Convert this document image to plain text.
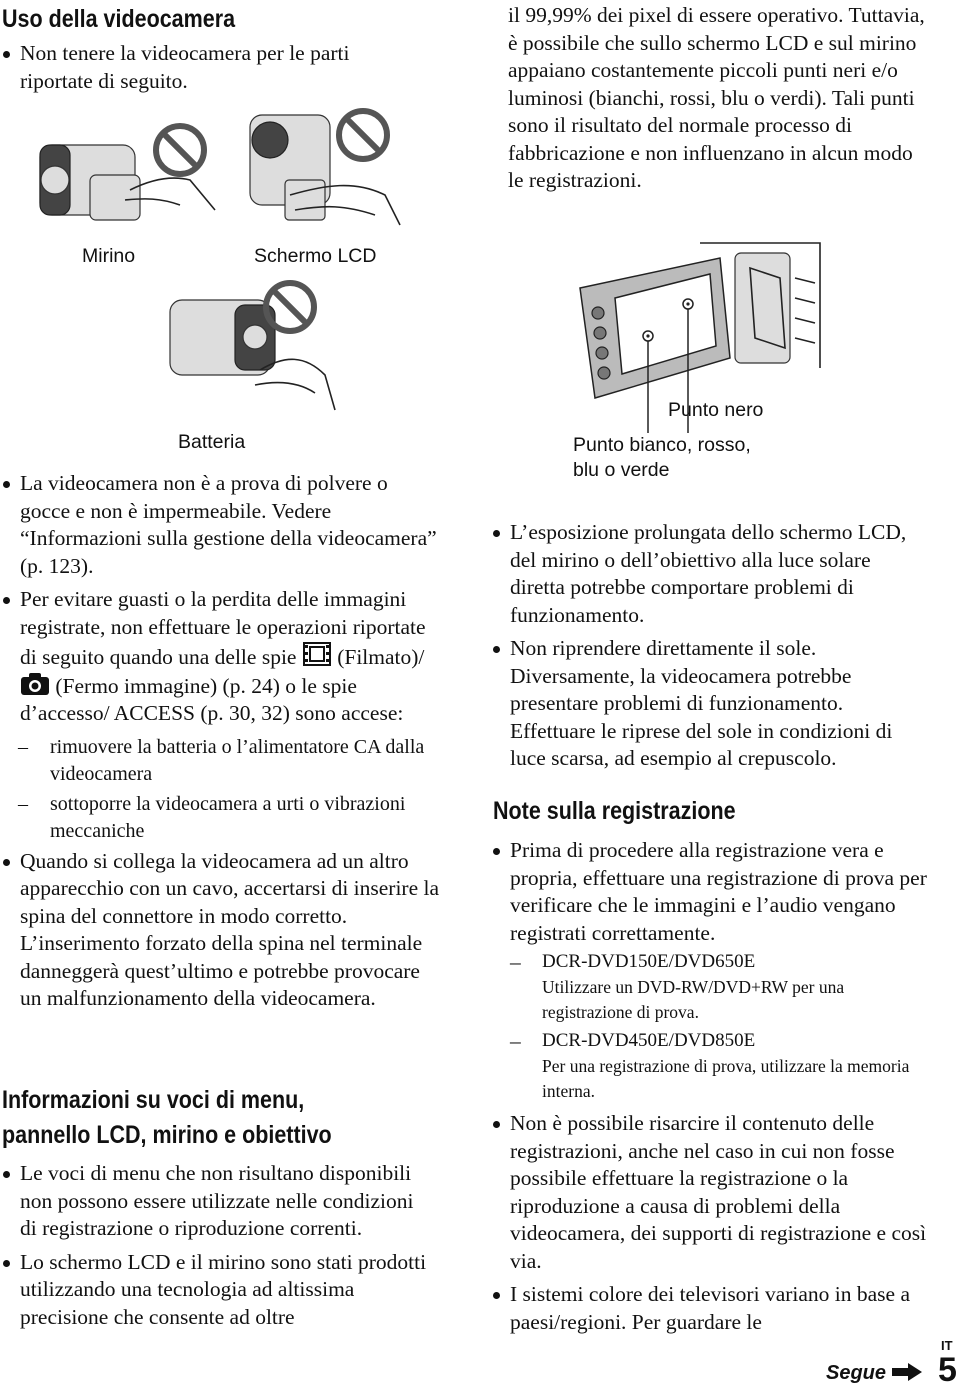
Uso della videocamera
Non tenere la videocamera per le parti riportate di seguito.
Mirino	Schermo LCD
Batteria
La videocamera non è a prova di polvere o gocce e non è impermeabile. Vedere “Informazioni sulla gestione della videocamera” (p. 123).
Per evitare guasti o la perdita delle immagini registrate, non effettuare le operazioni riportate di seguito quando una delle spie (Filmato)/  (Fermo immagine) (p. 24) o le spie d’accesso/ ACCESS (p. 30, 32) sono accese:
– rimuovere la batteria o l’alimentatore CA dalla videocamera
– sottoporre la videocamera a urti o vibrazioni meccaniche
Quando si collega la videocamera ad un altro apparecchio con un cavo, accertarsi di inserire la spina del connettore in modo corretto. L’inserimento forzato della spina nel terminale danneggerà quest’ultimo e potrebbe provocare un malfunzionamento della videocamera.
Informazioni su voci di menu,
pannello LCD, mirino e obiettivo
Le voci di menu che non risultano disponibili non possono essere utilizzate nelle condizioni di registrazione o riproduzione correnti.
Lo schermo LCD e il mirino sono stati prodotti utilizzando una tecnologia ad altissima precisione che consente ad oltre
il 99,99% dei pixel di essere operativo. Tuttavia, è possibile che sullo schermo LCD e sul mirino appaiano costantemente piccoli punti neri e/o luminosi (bianchi, rossi, blu o verdi). Tali punti sono il risultato del normale processo di fabbricazione e non influenzano in alcun modo le registrazioni.
Punto nero
Punto bianco, rosso,
blu o verde
L’esposizione prolungata dello schermo LCD, del mirino o dell’obiettivo alla luce solare diretta potrebbe comportare problemi di funzionamento.
Non riprendere direttamente il sole. Diversamente, la videocamera potrebbe presentare problemi di funzionamento. Effettuare le riprese del sole in condizioni di luce scarsa, ad esempio al crepuscolo.
Note sulla registrazione
Prima di procedere alla registrazione vera e propria, effettuare una registrazione di prova per verificare che le immagini e l’audio vengano registrati correttamente.
– DCR-DVD150E/DVD650E
Utilizzare un DVD-RW/DVD+RW per una registrazione di prova.
– DCR-DVD450E/DVD850E
Per una registrazione di prova, utilizzare la memoria interna.
Non è possibile risarcire il contenuto delle registrazioni, anche nel caso in cui non fosse possibile effettuare la registrazione o la riproduzione a causa di problemi della videocamera, dei supporti di registrazione e così via.
I sistemi colore dei televisori variano in base a paesi/regioni. Per guardare le
Segue
IT
5
